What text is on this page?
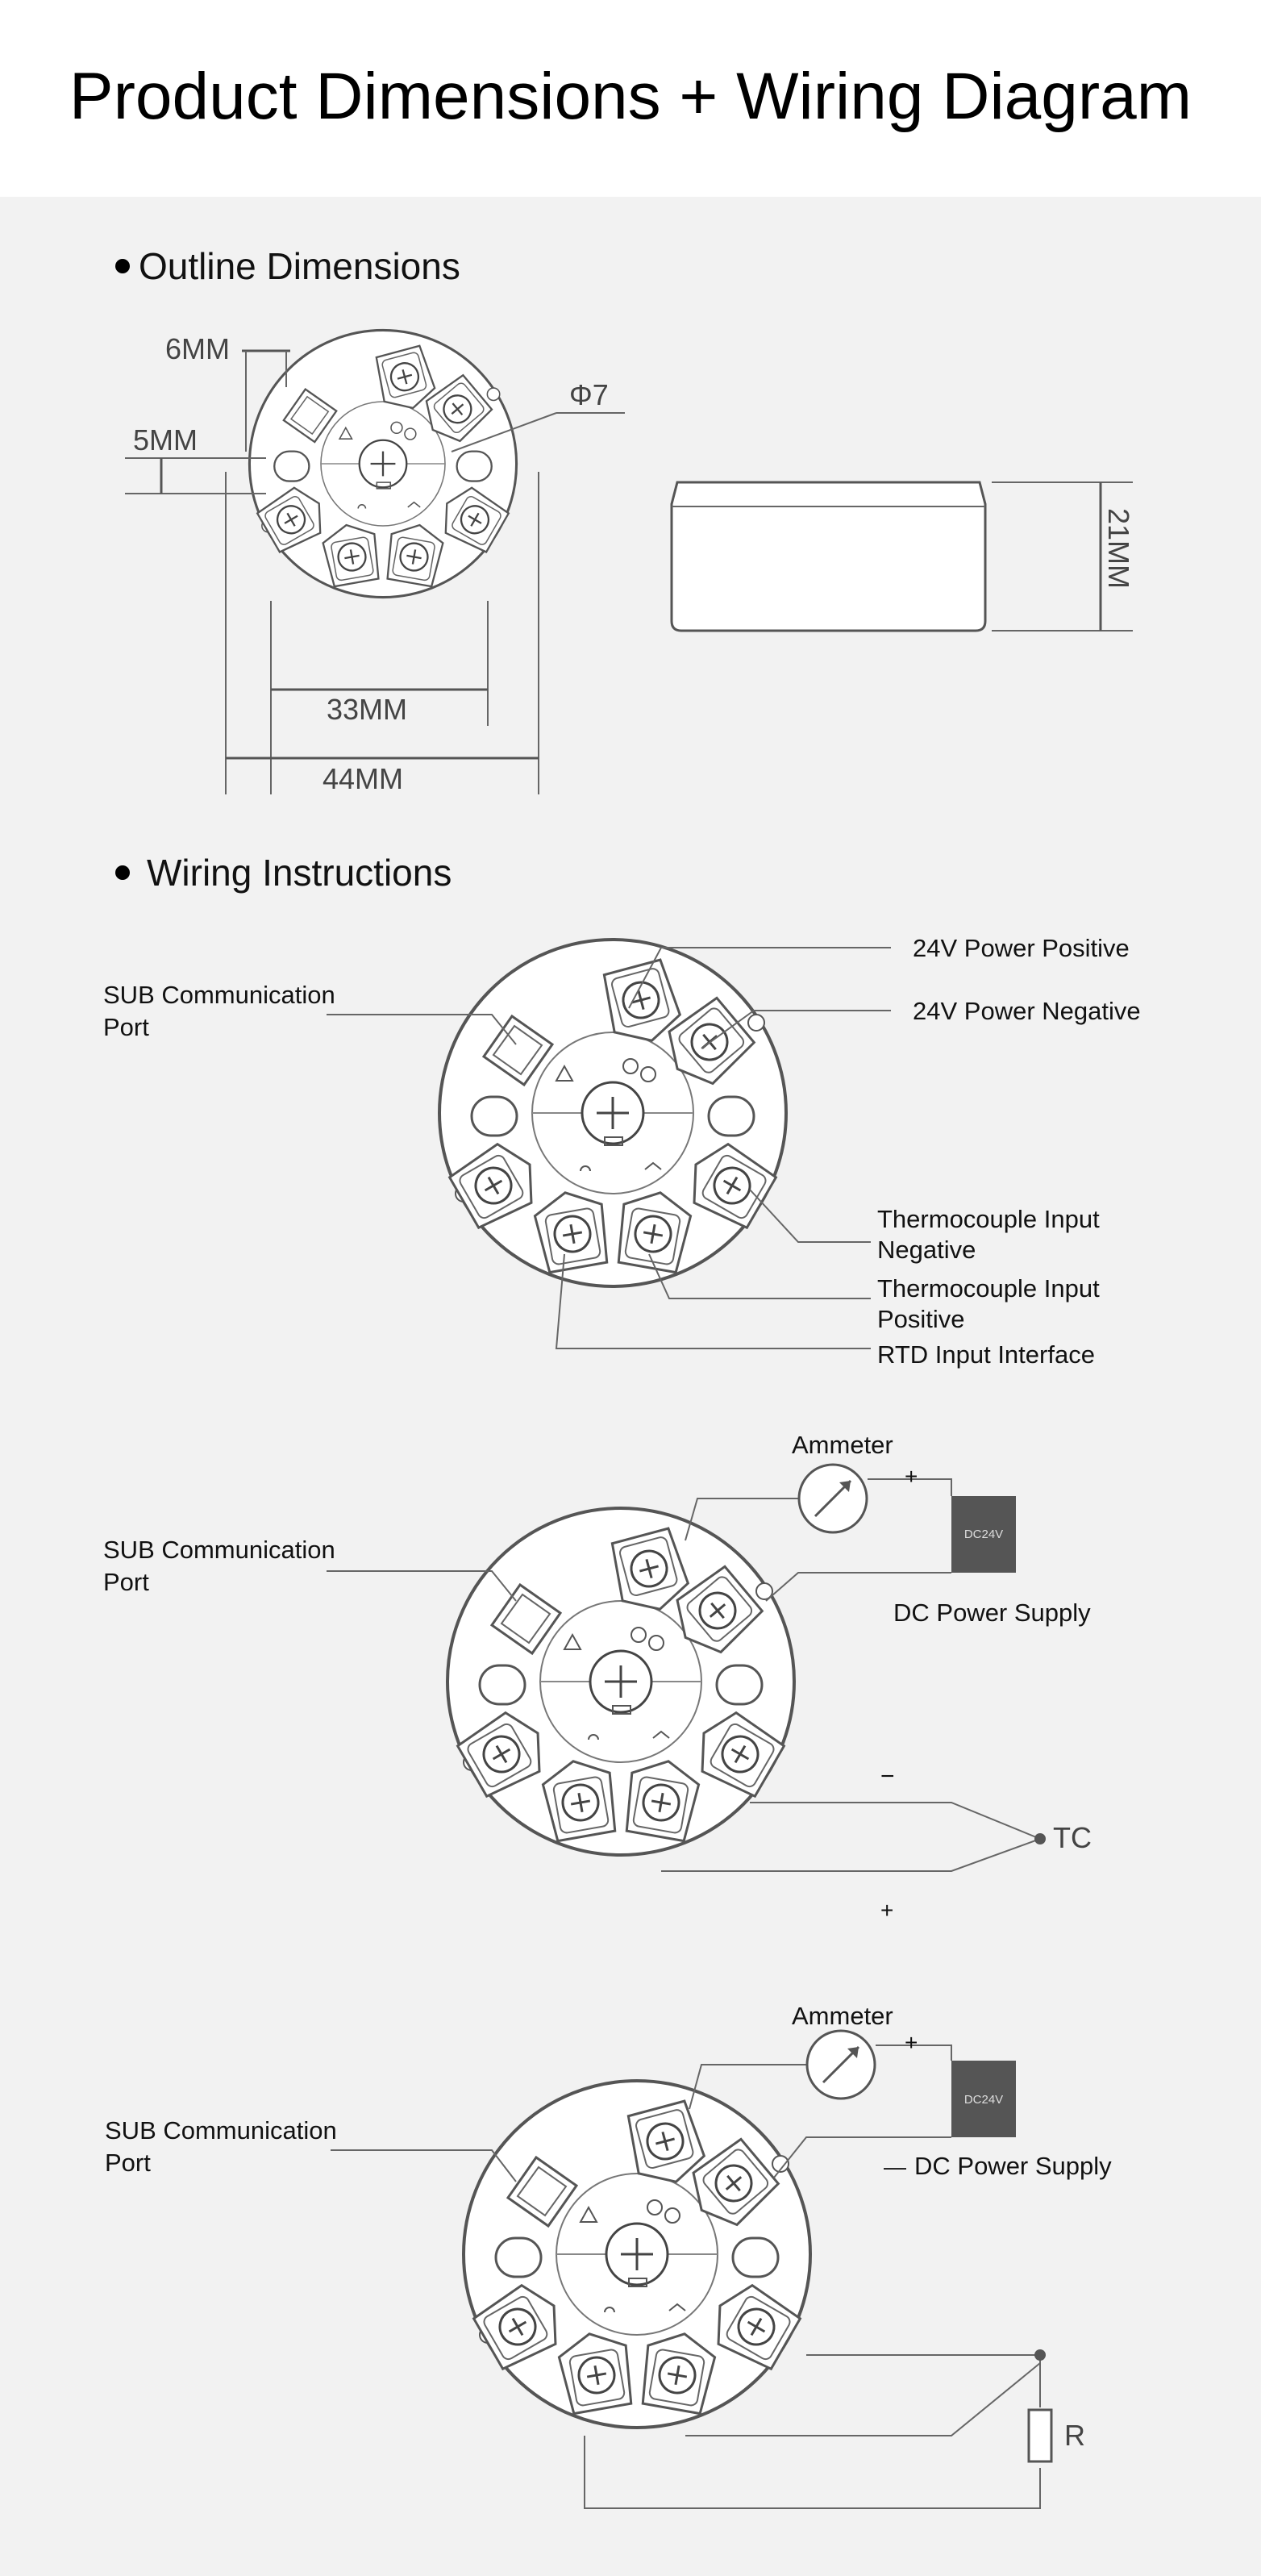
Product Dimensions + Wiring Diagram
Outline Dimensions
6MM
5MM
Φ7
33MM
44MM
21MM
Wiring Instructions
SUB Communication Port
24V Power Positive
24V Power Negative
Thermocouple Input Negative
Thermocouple Input Positive
RTD Input Interface
DC24V
SUB Communication Port
Ammeter
+
DC Power Supply
−
TC
+
DC24V
SUB Communication Port
Ammeter
+
— DC Power Supply
R
